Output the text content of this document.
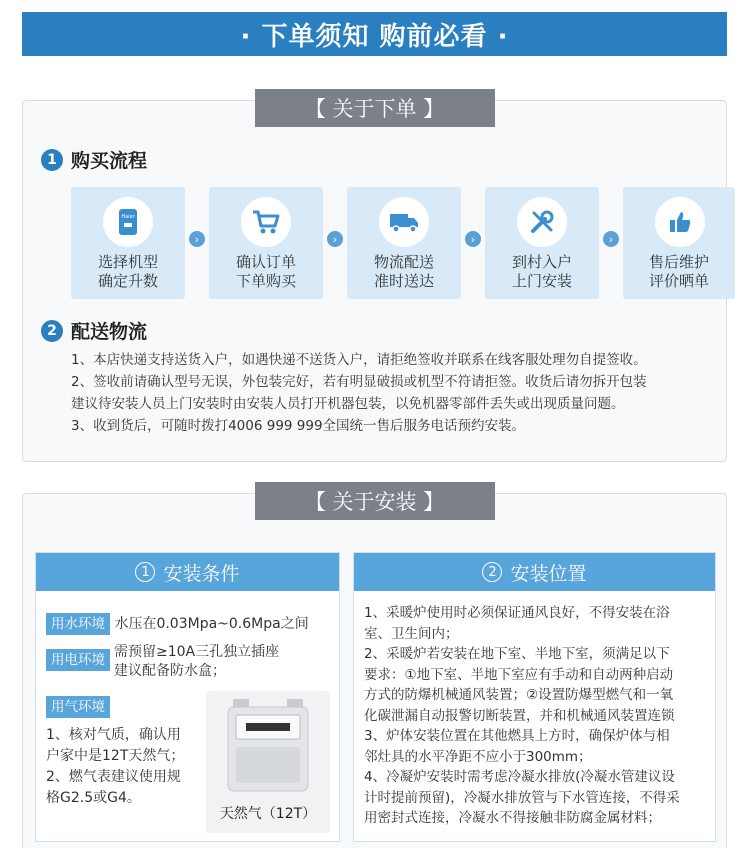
· 下单须知 购前必看 ·
【 关于下单 】
1 购买流程
Haier
选择机型
确定升数
›
确认订单
下单购买
›
物流配送
准时送达
›
到村入户
上门安装
›
售后维护
评价晒单
2 配送物流
1、本店快递支持送货入户，如遇快递不送货入户，请拒绝签收并联系在线客服处理勿自提签收。
2、签收前请确认型号无误，外包装完好，若有明显破损或机型不符请拒签。收货后请勿拆开包装
建议待安装人员上门安装时由安装人员打开机器包装，以免机器零部件丢失或出现质量问题。
3、收到货后，可随时拨打4006 999 999全国统一售后服务电话预约安装。
【 关于安装 】
1 安装条件
用水环境 水压在0.03Mpa~0.6Mpa之间
用电环境 需预留≥10A三孔独立插座
建议配备防水盒；
用气环境
1、核对气质，确认用
户家中是12T天然气；
2、燃气表建议使用规
格G2.5或G4。
天然气（12T）
2 安装位置
1、采暖炉使用时必须保证通风良好，不得安装在浴
室、卫生间内；
2、采暖炉若安装在地下室、半地下室，须满足以下
要求：①地下室、半地下室应有手动和自动两种启动
方式的防爆机械通风装置；②设置防爆型燃气和一氧
化碳泄漏自动报警切断装置，并和机械通风装置连锁
3、炉体安装位置在其他燃具上方时，确保炉体与相
邻灶具的水平净距不应小于300mm；
4、冷凝炉安装时需考虑冷凝水排放(冷凝水管建议设
计时提前预留)，冷凝水排放管与下水管连接，不得采
用密封式连接，冷凝水不得接触非防腐金属材料；
